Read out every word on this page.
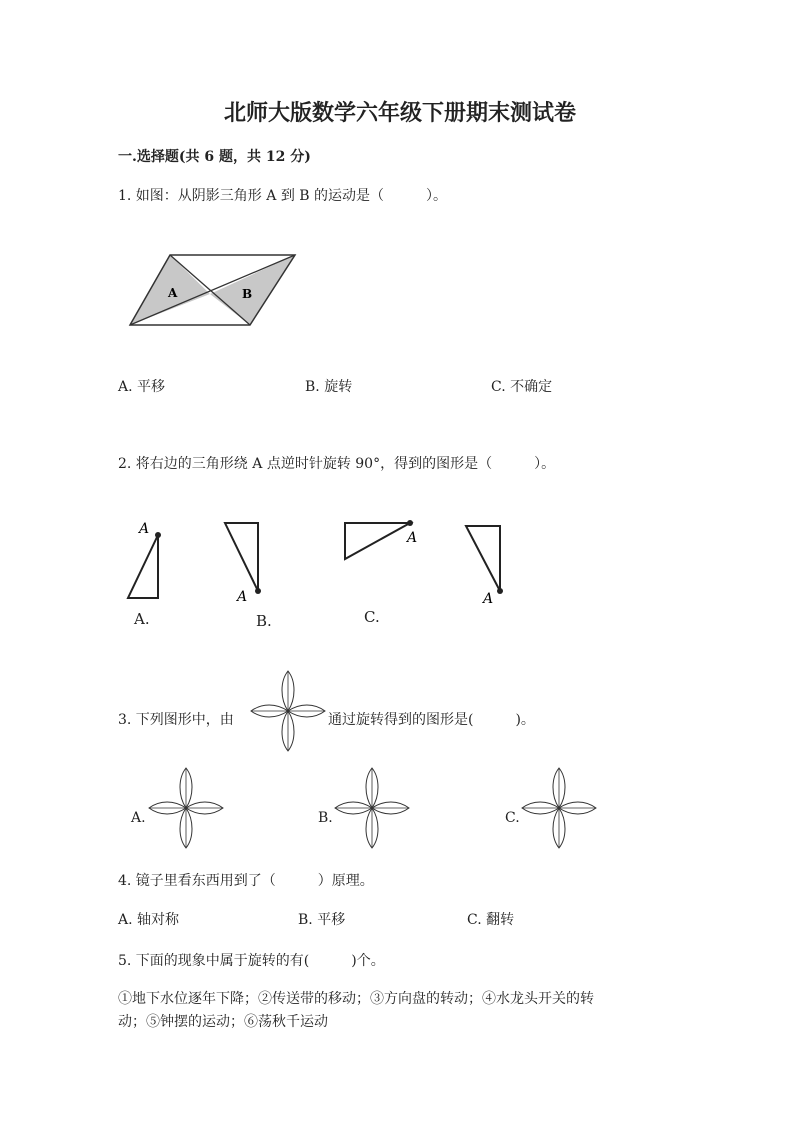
北师大版数学六年级下册期末测试卷
一.选择题(共 6 题，共 12 分)
1. 如图：从阴影三角形 A 到 B 的运动是（　　　）。
A	B
A. 平移	B. 旋转	C. 不确定
2. 将右边的三角形绕 A 点逆时针旋转 90°，得到的图形是（　　　）。
A
A.
A
B.
A
C.
A
3. 下列图形中，由	通过旋转得到的图形是(　　　)。
A.	B.	C.
4. 镜子里看东西用到了（　　　）原理。
A. 轴对称	B. 平移	C. 翻转
5. 下面的现象中属于旋转的有(　　　)个。
①地下水位逐年下降；②传送带的移动；③方向盘的转动；④水龙头开关的转
动；⑤钟摆的运动；⑥荡秋千运动
